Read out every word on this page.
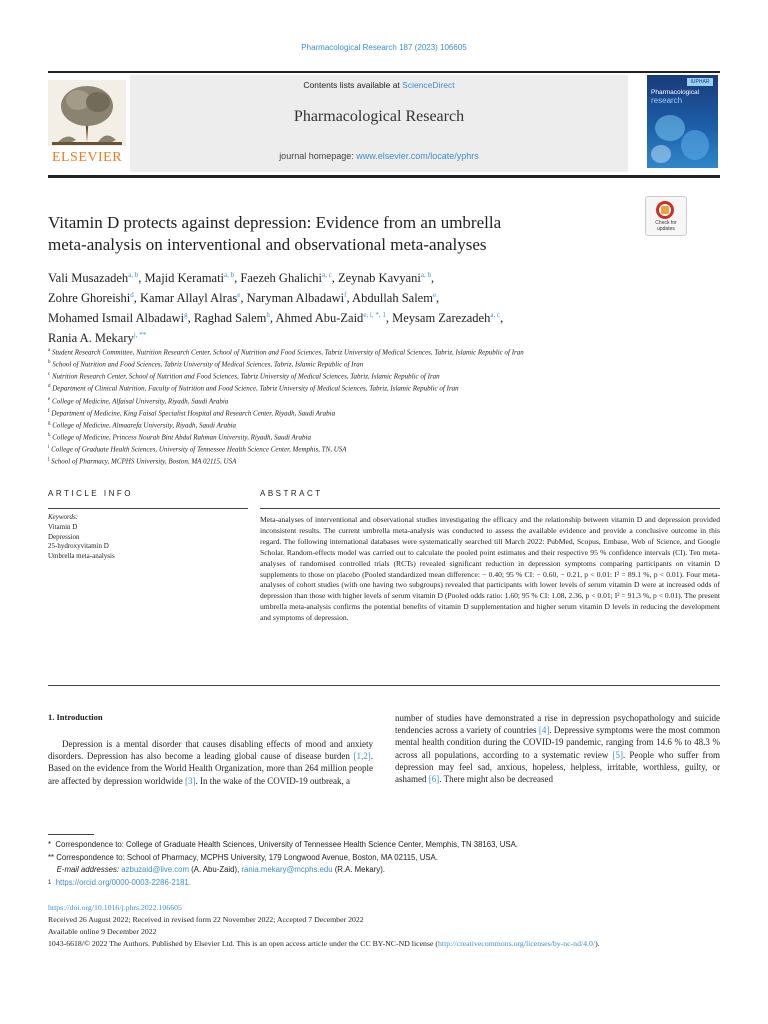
Pharmacological Research 187 (2023) 106605
ELSEVIER
Contents lists available at ScienceDirect
Pharmacological Research
journal homepage: www.elsevier.com/locate/yphrs
IUPHAR
Pharmacological
research
Vitamin D protects against depression: Evidence from an umbrella
meta-analysis on interventional and observational meta-analyses
Check for
updates
Vali Musazadeh$^{a, b}$, Majid Keramati$^{a, b}$, Faezeh Ghalichi$^{a, c}$, Zeynab Kavyani$^{a, b}$,
Zohre Ghoreishi$^d$, Kamar Allayl Alras$^e$, Naryman Albadawi$^f$, Abdullah Salem$^e$,
Mohamed Ismail Albadawi$^g$, Raghad Salem$^h$, Ahmed Abu-Zaid$^{e, i, *, 1}$, Meysam Zarezadeh$^{a, c}$,
Rania A. Mekary$^{j, **}$
$^a$ Student Research Committee, Nutrition Research Center, School of Nutrition and Food Sciences, Tabriz University of Medical Sciences, Tabriz, Islamic Republic of Iran
$^b$ School of Nutrition and Food Sciences, Tabriz University of Medical Sciences, Tabriz, Islamic Republic of Iran
$^c$ Nutrition Research Center, School of Nutrition and Food Sciences, Tabriz University of Medical Sciences, Tabriz, Islamic Republic of Iran
$^d$ Department of Clinical Nutrition, Faculty of Nutrition and Food Science, Tabriz University of Medical Sciences, Tabriz, Islamic Republic of Iran
$^e$ College of Medicine, Alfaisal University, Riyadh, Saudi Arabia
$^f$ Department of Medicine, King Faisal Specialist Hospital and Research Center, Riyadh, Saudi Arabia
$^g$ College of Medicine, Almaarefa University, Riyadh, Saudi Arabia
$^h$ College of Medicine, Princess Nourah Bint Abdul Rahman University, Riyadh, Saudi Arabia
$^i$ College of Graduate Health Sciences, University of Tennessee Health Science Center, Memphis, TN, USA
$^j$ School of Pharmacy, MCPHS University, Boston, MA 02115, USA
ARTICLE INFO	ABSTRACT
Keywords:
Vitamin D
Depression
25-hydroxyvitamin D
Umbrella meta-analysis
Meta-analyses of interventional and observational studies investigating the efficacy and the relationship between vitamin D and depression provided inconsistent results. The current umbrella meta-analysis was conducted to assess the available evidence and provide a conclusive outcome in this regard. The following international databases were systematically searched till March 2022: PubMed, Scopus, Embase, Web of Science, and Google Scholar. Random-effects model was carried out to calculate the pooled point estimates and their respective 95 % confidence intervals (CI). Ten meta-analyses of randomised controlled trials (RCTs) revealed significant reduction in depression symptoms comparing participants on vitamin D supplements to those on placebo (Pooled standardized mean difference: − 0.40; 95 % CI: − 0.60, − 0.21, p < 0.01: I² = 89.1 %, p < 0.01). Four meta-analyses of cohort studies (with one having two subgroups) revealed that participants with lower levels of serum vitamin D were at increased odds of depression than those with higher levels of serum vitamin D (Pooled odds ratio: 1.60; 95 % CI: 1.08, 2.36, p < 0.01; I² = 91.3 %, p < 0.01). The present umbrella meta-analysis confirms the potential benefits of vitamin D supplementation and higher serum vitamin D levels in reducing the development and symptoms of depression.
1. Introduction
Depression is a mental disorder that causes disabling effects of mood and anxiety disorders. Depression has also become a leading global cause of disease burden [1,2]. Based on the evidence from the World Health Organization, more than 264 million people are affected by depression worldwide [3]. In the wake of the COVID-19 outbreak, a
number of studies have demonstrated a rise in depression psychopathology and suicide tendencies across a variety of countries [4]. Depressive symptoms were the most common mental health condition during the COVID-19 pandemic, ranging from 14.6 % to 48.3 % across all populations, according to a systematic review [5]. People who suffer from depression may feel sad, anxious, hopeless, helpless, irritable, worthless, guilty, or ashamed [6]. There might also be decreased
* Correspondence to: College of Graduate Health Sciences, University of Tennessee Health Science Center, Memphis, TN 38163, USA.
** Correspondence to: School of Pharmacy, MCPHS University, 179 Longwood Avenue, Boston, MA 02115, USA.
E-mail addresses: azbuzaid@live.com (A. Abu-Zaid), rania.mekary@mcphs.edu (R.A. Mekary).
$^1$ https://orcid.org/0000-0003-2286-2181.
https://doi.org/10.1016/j.phrs.2022.106605
Received 26 August 2022; Received in revised form 22 November 2022; Accepted 7 December 2022
Available online 9 December 2022
1043-6618/© 2022 The Authors. Published by Elsevier Ltd. This is an open access article under the CC BY-NC-ND license (http://creativecommons.org/licenses/by-nc-nd/4.0/).
